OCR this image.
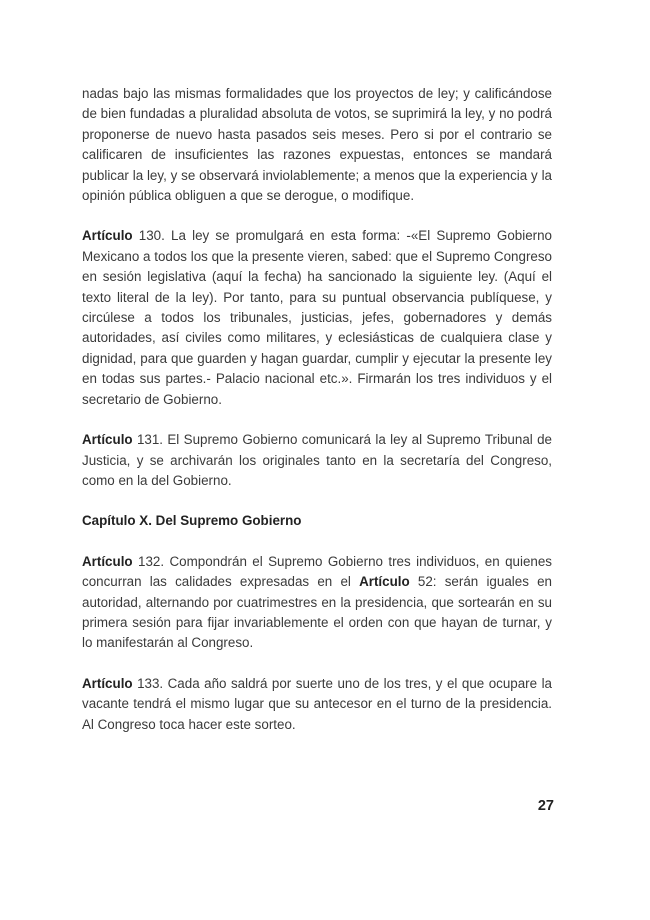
nadas bajo las mismas formalidades que los proyectos de ley; y calificándose de bien fundadas a pluralidad absoluta de votos, se suprimirá la ley, y no podrá proponerse de nuevo hasta pasados seis meses. Pero si por el contrario se calificaren de insuficientes las razones expuestas, entonces se mandará publicar la ley, y se observará inviolablemente; a menos que la experiencia y la opinión pública obliguen a que se derogue, o modifique.

Artículo 130. La ley se promulgará en esta forma: -«El Supremo Gobierno Mexicano a todos los que la presente vieren, sabed: que el Supremo Congreso en sesión legislativa (aquí la fecha) ha sancionado la siguiente ley. (Aquí el texto literal de la ley). Por tanto, para su puntual observancia publíquese, y circúlese a todos los tribunales, justicias, jefes, gobernadores y demás autoridades, así civiles como militares, y eclesiásticas de cualquiera clase y dignidad, para que guarden y hagan guardar, cumplir y ejecutar la presente ley en todas sus partes.- Palacio nacional etc.». Firmarán los tres individuos y el secretario de Gobierno.

Artículo 131. El Supremo Gobierno comunicará la ley al Supremo Tribunal de Justicia, y se archivarán los originales tanto en la secretaría del Congreso, como en la del Gobierno.

Capítulo X. Del Supremo Gobierno

Artículo 132. Compondrán el Supremo Gobierno tres individuos, en quienes concurran las calidades expresadas en el Artículo 52: serán iguales en autoridad, alternando por cuatrimestres en la presidencia, que sortearán en su primera sesión para fijar invariablemente el orden con que hayan de turnar, y lo manifestarán al Congreso.

Artículo 133. Cada año saldrá por suerte uno de los tres, y el que ocupare la vacante tendrá el mismo lugar que su antecesor en el turno de la presidencia. Al Congreso toca hacer este sorteo.

27
